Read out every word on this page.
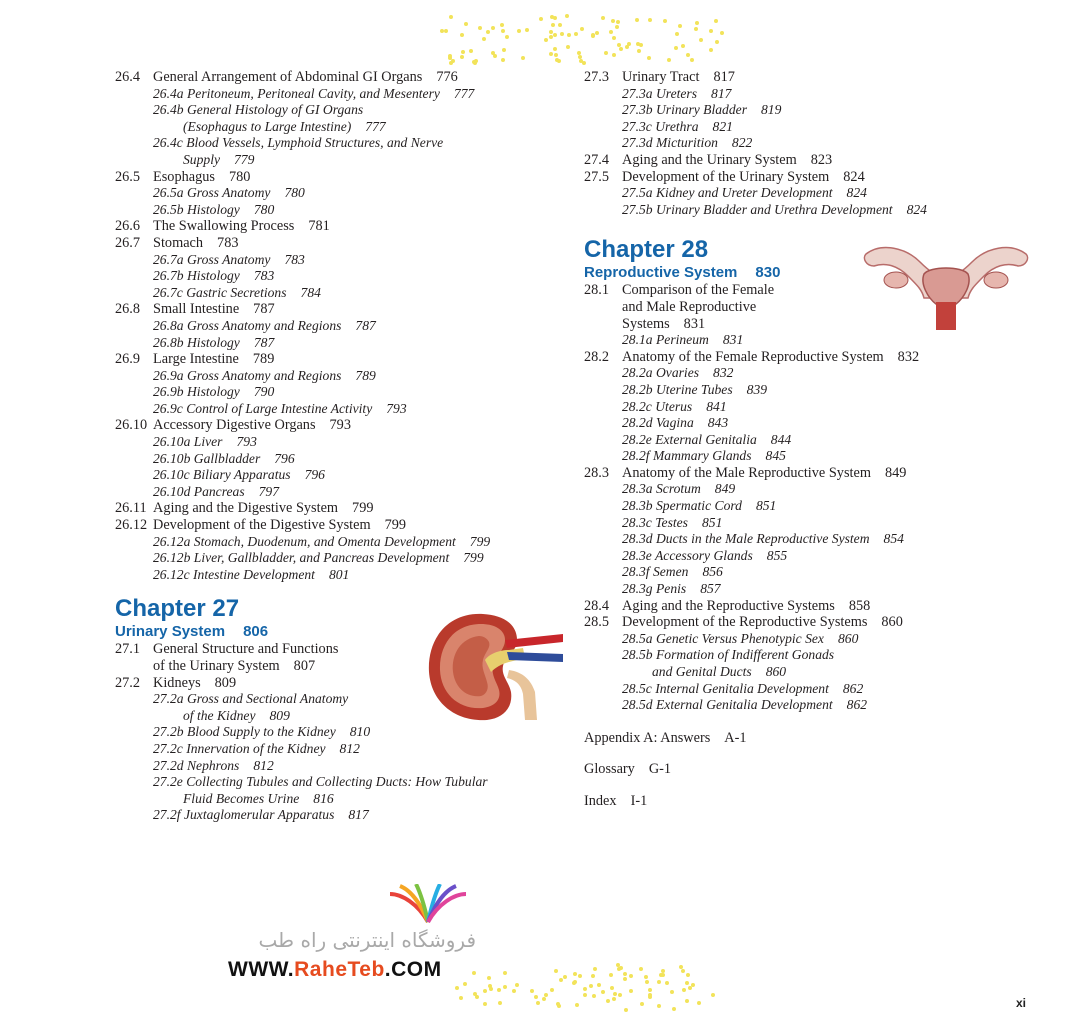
26.4 General Arrangement of Abdominal GI Organs 776
26.4a Peritoneum, Peritoneal Cavity, and Mesentery 777
26.4b General Histology of GI Organs
(Esophagus to Large Intestine) 777
26.4c Blood Vessels, Lymphoid Structures, and Nerve
Supply 779
26.5 Esophagus 780
26.5a Gross Anatomy 780
26.5b Histology 780
26.6 The Swallowing Process 781
26.7 Stomach 783
26.7a Gross Anatomy 783
26.7b Histology 783
26.7c Gastric Secretions 784
26.8 Small Intestine 787
26.8a Gross Anatomy and Regions 787
26.8b Histology 787
26.9 Large Intestine 789
26.9a Gross Anatomy and Regions 789
26.9b Histology 790
26.9c Control of Large Intestine Activity 793
26.10 Accessory Digestive Organs 793
26.10a Liver 793
26.10b Gallbladder 796
26.10c Biliary Apparatus 796
26.10d Pancreas 797
26.11 Aging and the Digestive System 799
26.12 Development of the Digestive System 799
26.12a Stomach, Duodenum, and Omenta Development 799
26.12b Liver, Gallbladder, and Pancreas Development 799
26.12c Intestine Development 801
Chapter 27
Urinary System 806
27.1 General Structure and Functions
of the Urinary System 807
27.2 Kidneys 809
27.2a Gross and Sectional Anatomy
of the Kidney 809
27.2b Blood Supply to the Kidney 810
27.2c Innervation of the Kidney 812
27.2d Nephrons 812
27.2e Collecting Tubules and Collecting Ducts: How Tubular
Fluid Becomes Urine 816
27.2f Juxtaglomerular Apparatus 817
27.3 Urinary Tract 817
27.3a Ureters 817
27.3b Urinary Bladder 819
27.3c Urethra 821
27.3d Micturition 822
27.4 Aging and the Urinary System 823
27.5 Development of the Urinary System 824
27.5a Kidney and Ureter Development 824
27.5b Urinary Bladder and Urethra Development 824
Chapter 28
Reproductive System 830
28.1 Comparison of the Female
and Male Reproductive
Systems 831
28.1a Perineum 831
28.2 Anatomy of the Female Reproductive System 832
28.2a Ovaries 832
28.2b Uterine Tubes 839
28.2c Uterus 841
28.2d Vagina 843
28.2e External Genitalia 844
28.2f Mammary Glands 845
28.3 Anatomy of the Male Reproductive System 849
28.3a Scrotum 849
28.3b Spermatic Cord 851
28.3c Testes 851
28.3d Ducts in the Male Reproductive System 854
28.3e Accessory Glands 855
28.3f Semen 856
28.3g Penis 857
28.4 Aging and the Reproductive Systems 858
28.5 Development of the Reproductive Systems 860
28.5a Genetic Versus Phenotypic Sex 860
28.5b Formation of Indifferent Gonads
and Genital Ducts 860
28.5c Internal Genitalia Development 862
28.5d External Genitalia Development 862
Appendix A: Answers A-1
Glossary G-1
Index I-1
فروشگاه اینترنتی راه طب
WWW.RaheTeb.COM
xi
